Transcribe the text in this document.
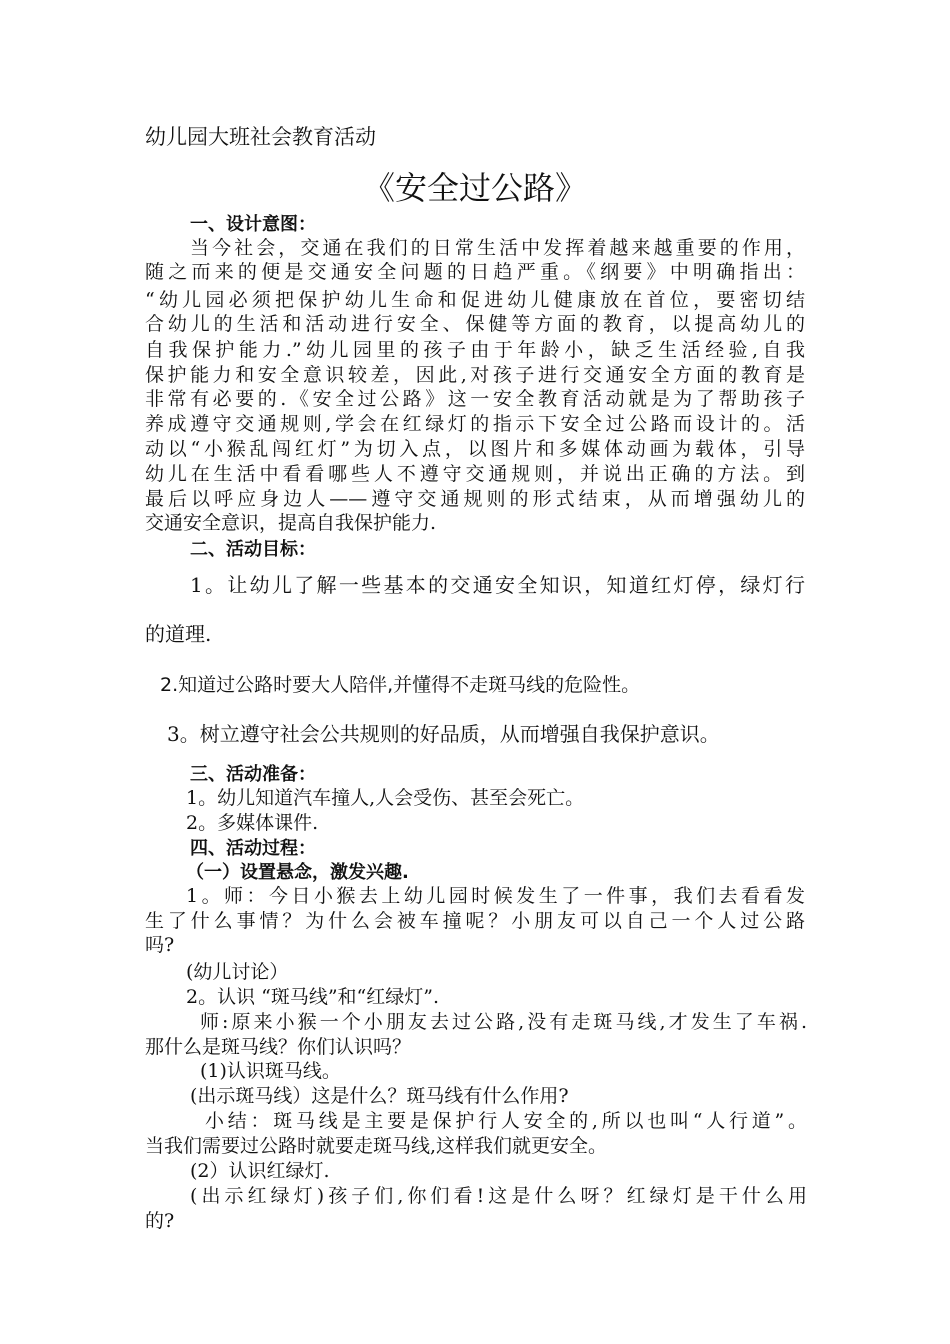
幼儿园大班社会教育活动
《安全过公路》
一、设计意图：
当今社会，交通在我们的日常生活中发挥着越来越重要的作用，
随之而来的便是交通安全问题的日趋严重。《纲要》中明确指出：
“幼儿园必须把保护幼儿生命和促进幼儿健康放在首位，要密切结
合幼儿的生活和活动进行安全、保健等方面的教育，以提高幼儿的
自我保护能力.”幼儿园里的孩子由于年龄小，缺乏生活经验,自我
保护能力和安全意识较差，因此,对孩子进行交通安全方面的教育是
非常有必要的.《安全过公路》这一安全教育活动就是为了帮助孩子
养成遵守交通规则,学会在红绿灯的指示下安全过公路而设计的。活
动以“小猴乱闯红灯”为切入点，以图片和多媒体动画为载体，引导
幼儿在生活中看看哪些人不遵守交通规则，并说出正确的方法。到
最后以呼应身边人——遵守交通规则的形式结束，从而增强幼儿的
交通安全意识，提高自我保护能力.
二、活动目标：
1。让幼儿了解一些基本的交通安全知识，知道红灯停，绿灯行
的道理.
2.知道过公路时要大人陪伴,并懂得不走斑马线的危险性。
3。树立遵守社会公共规则的好品质，从而增强自我保护意识。
三、活动准备：
1。幼儿知道汽车撞人,人会受伤、甚至会死亡。
2。多媒体课件.
四、活动过程：
（一）设置悬念，激发兴趣.
1。师：今日小猴去上幼儿园时候发生了一件事，我们去看看发
生了什么事情？为什么会被车撞呢？小朋友可以自己一个人过公路
吗?
(幼儿讨论）
2。认识 “斑马线”和“红绿灯”.
师:原来小猴一个小朋友去过公路,没有走斑马线,才发生了车祸.
那什么是斑马线？你们认识吗？
(1)认识斑马线。
(出示斑马线）这是什么？斑马线有什么作用?
小结：斑马线是主要是保护行人安全的,所以也叫“人行道”。
当我们需要过公路时就要走斑马线,这样我们就更安全。
(2）认识红绿灯.
(出示红绿灯)孩子们,你们看!这是什么呀？红绿灯是干什么用
的?
